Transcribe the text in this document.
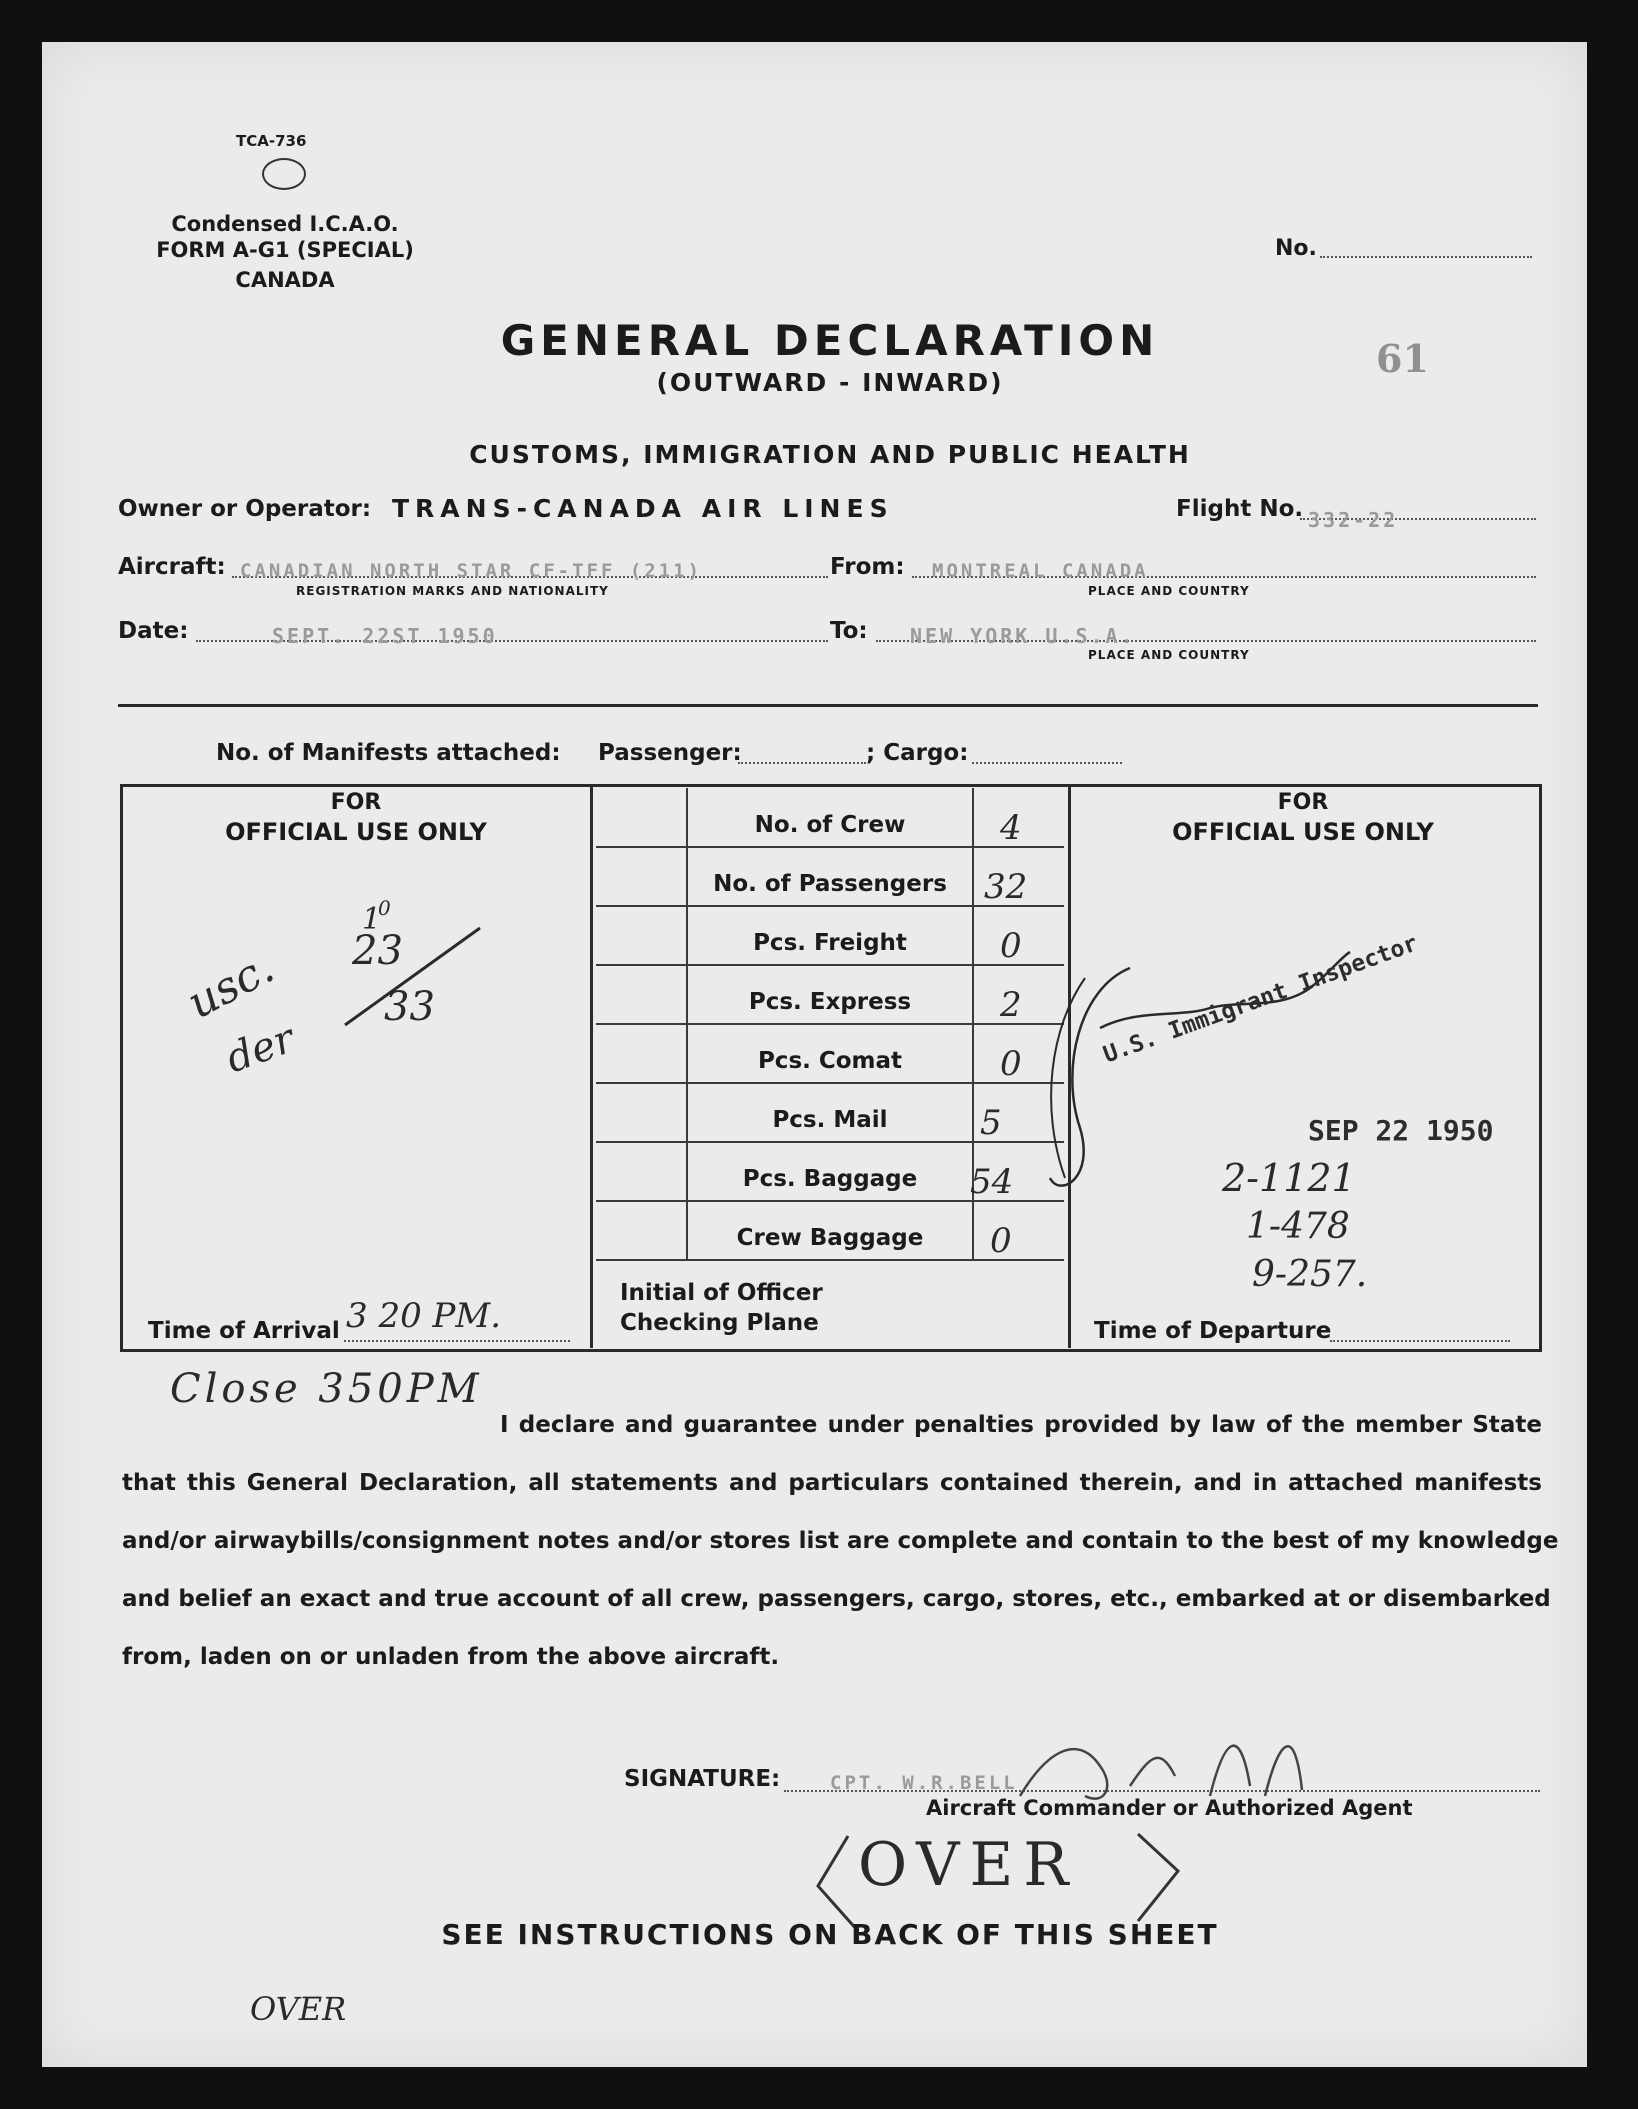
TCA-736
Condensed I.C.A.O.
FORM A-G1 (SPECIAL)
CANADA
No.
61
GENERAL DECLARATION
(OUTWARD - INWARD)
CUSTOMS, IMMIGRATION AND PUBLIC HEALTH
Owner or Operator: TRANS-CANADA AIR LINES	Flight No. 332-22
Aircraft: CANADIAN NORTH STAR CF-TFF (211)
REGISTRATION MARKS AND NATIONALITY
From: MONTREAL CANADA
PLACE AND COUNTRY
Date:	SEPT. 22ST 1950	To: NEW YORK U.S.A.
PLACE AND COUNTRY
No. of Manifests attached: Passenger:	; Cargo:
FOR
OFFICIAL USE ONLY
usc.
der
1
0
23
33
Time of Arrival 3 20 PM.
No. of Crew	4
No. of Passengers	32
Pcs. Freight	0
Pcs. Express	2
Pcs. Comat	0
Pcs. Mail	5
Pcs. Baggage	54
Crew Baggage	0
Initial of Officer
Checking Plane
FOR
OFFICIAL USE ONLY
U.S. Immigrant Inspector
SEP 22 1950
2-1121
1-478
9-257.
Time of Departure
Close 350PM
I declare and guarantee under penalties provided by law of the member State
that this General Declaration, all statements and particulars contained therein, and in attached manifests
and/or airwaybills/consignment notes and/or stores list are complete and contain to the best of my knowledge
and belief an exact and true account of all crew, passengers, cargo, stores, etc., embarked at or disembarked
from, laden on or unladen from the above aircraft.
SIGNATURE:	CPT. W.R.BELL
Aircraft Commander or Authorized Agent
OVER
SEE INSTRUCTIONS ON BACK OF THIS SHEET
OVER
